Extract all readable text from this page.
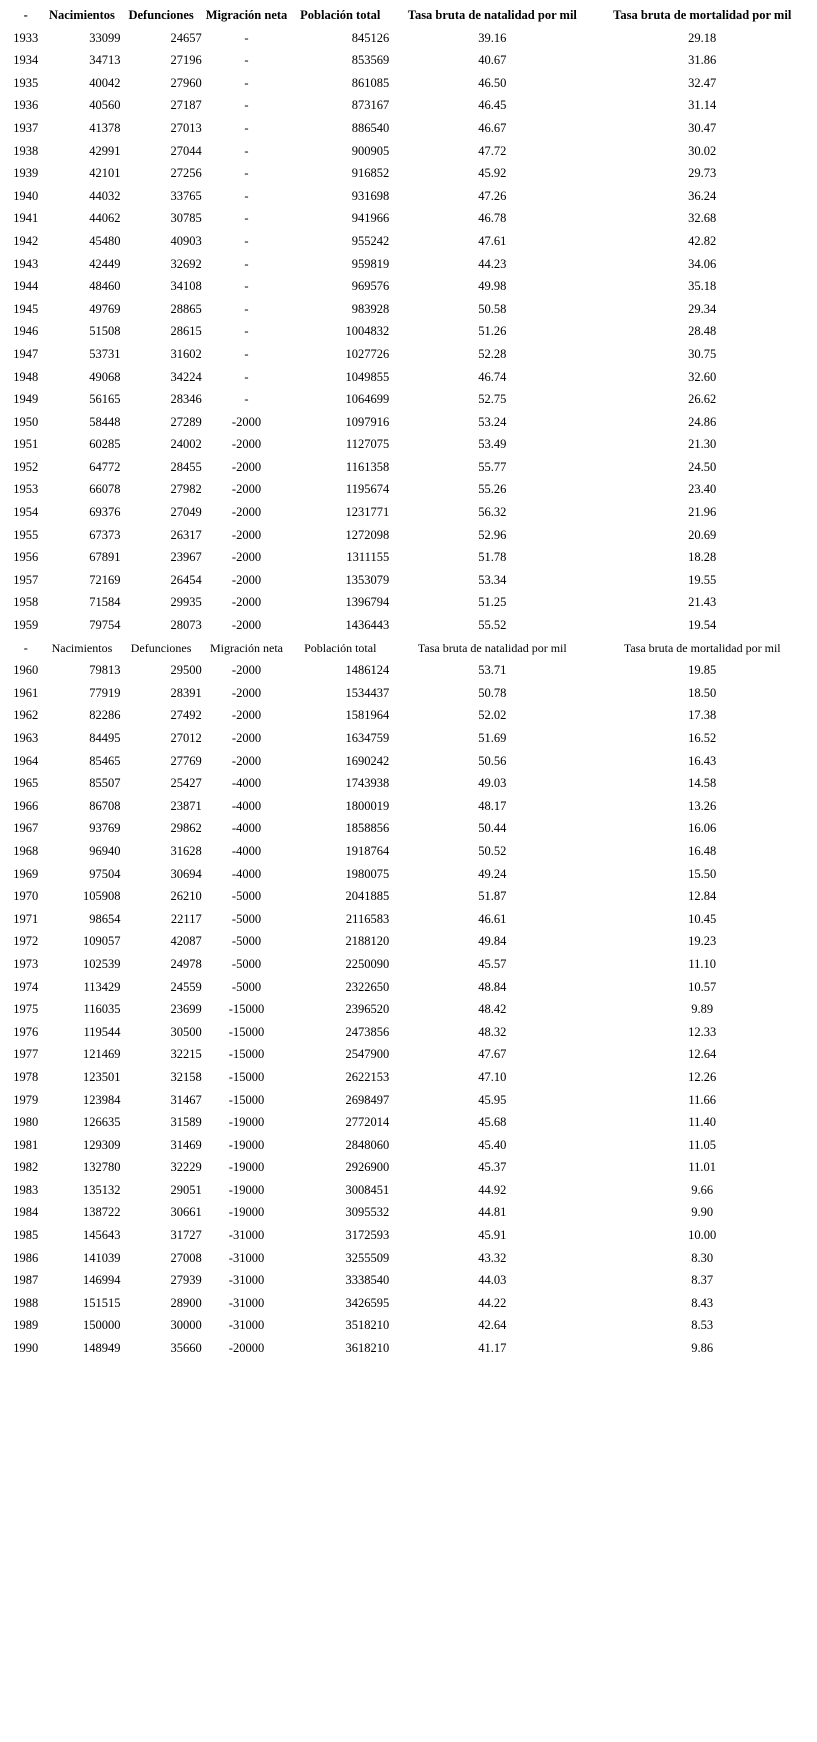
-	Nacimientos	Defunciones	Migración neta	Población total	Tasa bruta de natalidad por mil	Tasa bruta de mortalidad por mil
1933	33099	24657	-	845126	39.16	29.18
1934	34713	27196	-	853569	40.67	31.86
1935	40042	27960	-	861085	46.50	32.47
1936	40560	27187	-	873167	46.45	31.14
1937	41378	27013	-	886540	46.67	30.47
1938	42991	27044	-	900905	47.72	30.02
1939	42101	27256	-	916852	45.92	29.73
1940	44032	33765	-	931698	47.26	36.24
1941	44062	30785	-	941966	46.78	32.68
1942	45480	40903	-	955242	47.61	42.82
1943	42449	32692	-	959819	44.23	34.06
1944	48460	34108	-	969576	49.98	35.18
1945	49769	28865	-	983928	50.58	29.34
1946	51508	28615	-	1004832	51.26	28.48
1947	53731	31602	-	1027726	52.28	30.75
1948	49068	34224	-	1049855	46.74	32.60
1949	56165	28346	-	1064699	52.75	26.62
1950	58448	27289	-2000	1097916	53.24	24.86
1951	60285	24002	-2000	1127075	53.49	21.30
1952	64772	28455	-2000	1161358	55.77	24.50
1953	66078	27982	-2000	1195674	55.26	23.40
1954	69376	27049	-2000	1231771	56.32	21.96
1955	67373	26317	-2000	1272098	52.96	20.69
1956	67891	23967	-2000	1311155	51.78	18.28
1957	72169	26454	-2000	1353079	53.34	19.55
1958	71584	29935	-2000	1396794	51.25	21.43
1959	79754	28073	-2000	1436443	55.52	19.54
-	Nacimientos	Defunciones	Migración neta	Población total	Tasa bruta de natalidad por mil	Tasa bruta de mortalidad por mil
1960	79813	29500	-2000	1486124	53.71	19.85
1961	77919	28391	-2000	1534437	50.78	18.50
1962	82286	27492	-2000	1581964	52.02	17.38
1963	84495	27012	-2000	1634759	51.69	16.52
1964	85465	27769	-2000	1690242	50.56	16.43
1965	85507	25427	-4000	1743938	49.03	14.58
1966	86708	23871	-4000	1800019	48.17	13.26
1967	93769	29862	-4000	1858856	50.44	16.06
1968	96940	31628	-4000	1918764	50.52	16.48
1969	97504	30694	-4000	1980075	49.24	15.50
1970	105908	26210	-5000	2041885	51.87	12.84
1971	98654	22117	-5000	2116583	46.61	10.45
1972	109057	42087	-5000	2188120	49.84	19.23
1973	102539	24978	-5000	2250090	45.57	11.10
1974	113429	24559	-5000	2322650	48.84	10.57
1975	116035	23699	-15000	2396520	48.42	9.89
1976	119544	30500	-15000	2473856	48.32	12.33
1977	121469	32215	-15000	2547900	47.67	12.64
1978	123501	32158	-15000	2622153	47.10	12.26
1979	123984	31467	-15000	2698497	45.95	11.66
1980	126635	31589	-19000	2772014	45.68	11.40
1981	129309	31469	-19000	2848060	45.40	11.05
1982	132780	32229	-19000	2926900	45.37	11.01
1983	135132	29051	-19000	3008451	44.92	9.66
1984	138722	30661	-19000	3095532	44.81	9.90
1985	145643	31727	-31000	3172593	45.91	10.00
1986	141039	27008	-31000	3255509	43.32	8.30
1987	146994	27939	-31000	3338540	44.03	8.37
1988	151515	28900	-31000	3426595	44.22	8.43
1989	150000	30000	-31000	3518210	42.64	8.53
1990	148949	35660	-20000	3618210	41.17	9.86
